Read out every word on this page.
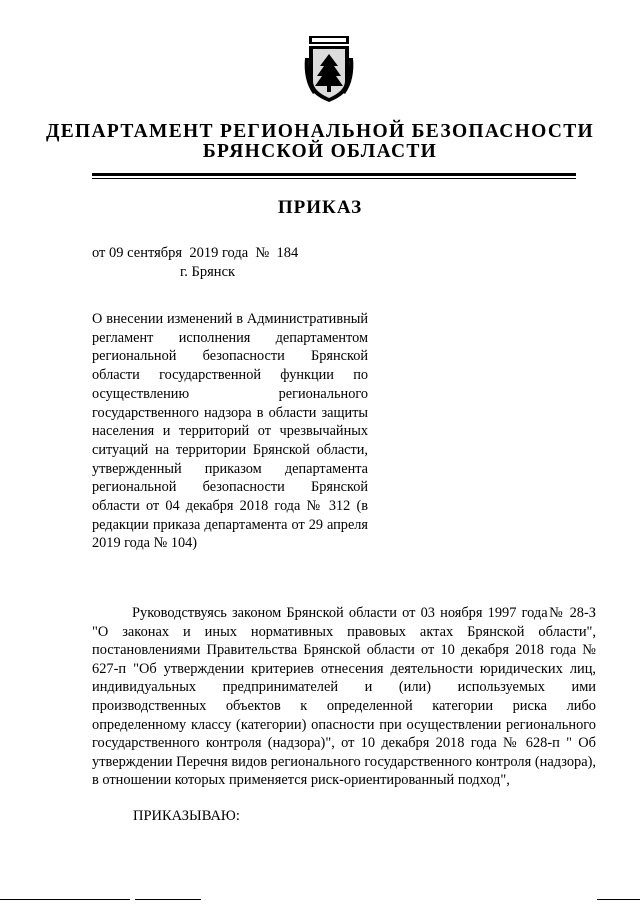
ДЕПАРТАМЕНТ РЕГИОНАЛЬНОЙ БЕЗОПАСНОСТИ
БРЯНСКОЙ ОБЛАСТИ
ПРИКАЗ
от 09 сентября  2019 года  №  184
г. Брянск
О внесении изменений в Административный регламент исполнения департаментом региональной безопасности Брянской области государственной функции по осуществлению регионального государственного надзора в области защиты населения и территорий от чрезвычайных ситуаций на территории Брянской области, утвержденный приказом департамента региональной безопасности Брянской области от 04 декабря 2018 года № 312 (в редакции приказа департамента от 29 апреля 2019 года № 104)
Руководствуясь законом Брянской области от 03 ноября 1997 года№ 28-З "О законах и иных нормативных правовых актах Брянской области", постановлениями Правительства Брянской области от 10 декабря 2018 года № 627-п "Об утверждении критериев отнесения деятельности юридических лиц, индивидуальных предпринимателей и (или) используемых ими производственных объектов к определенной категории риска либо определенному классу (категории) опасности при осуществлении регионального государственного контроля (надзора)", от 10 декабря 2018 года № 628-п " Об утверждении Перечня видов регионального государственного контроля (надзора), в отношении которых применяется риск-ориентированный подход",
ПРИКАЗЫВАЮ:
